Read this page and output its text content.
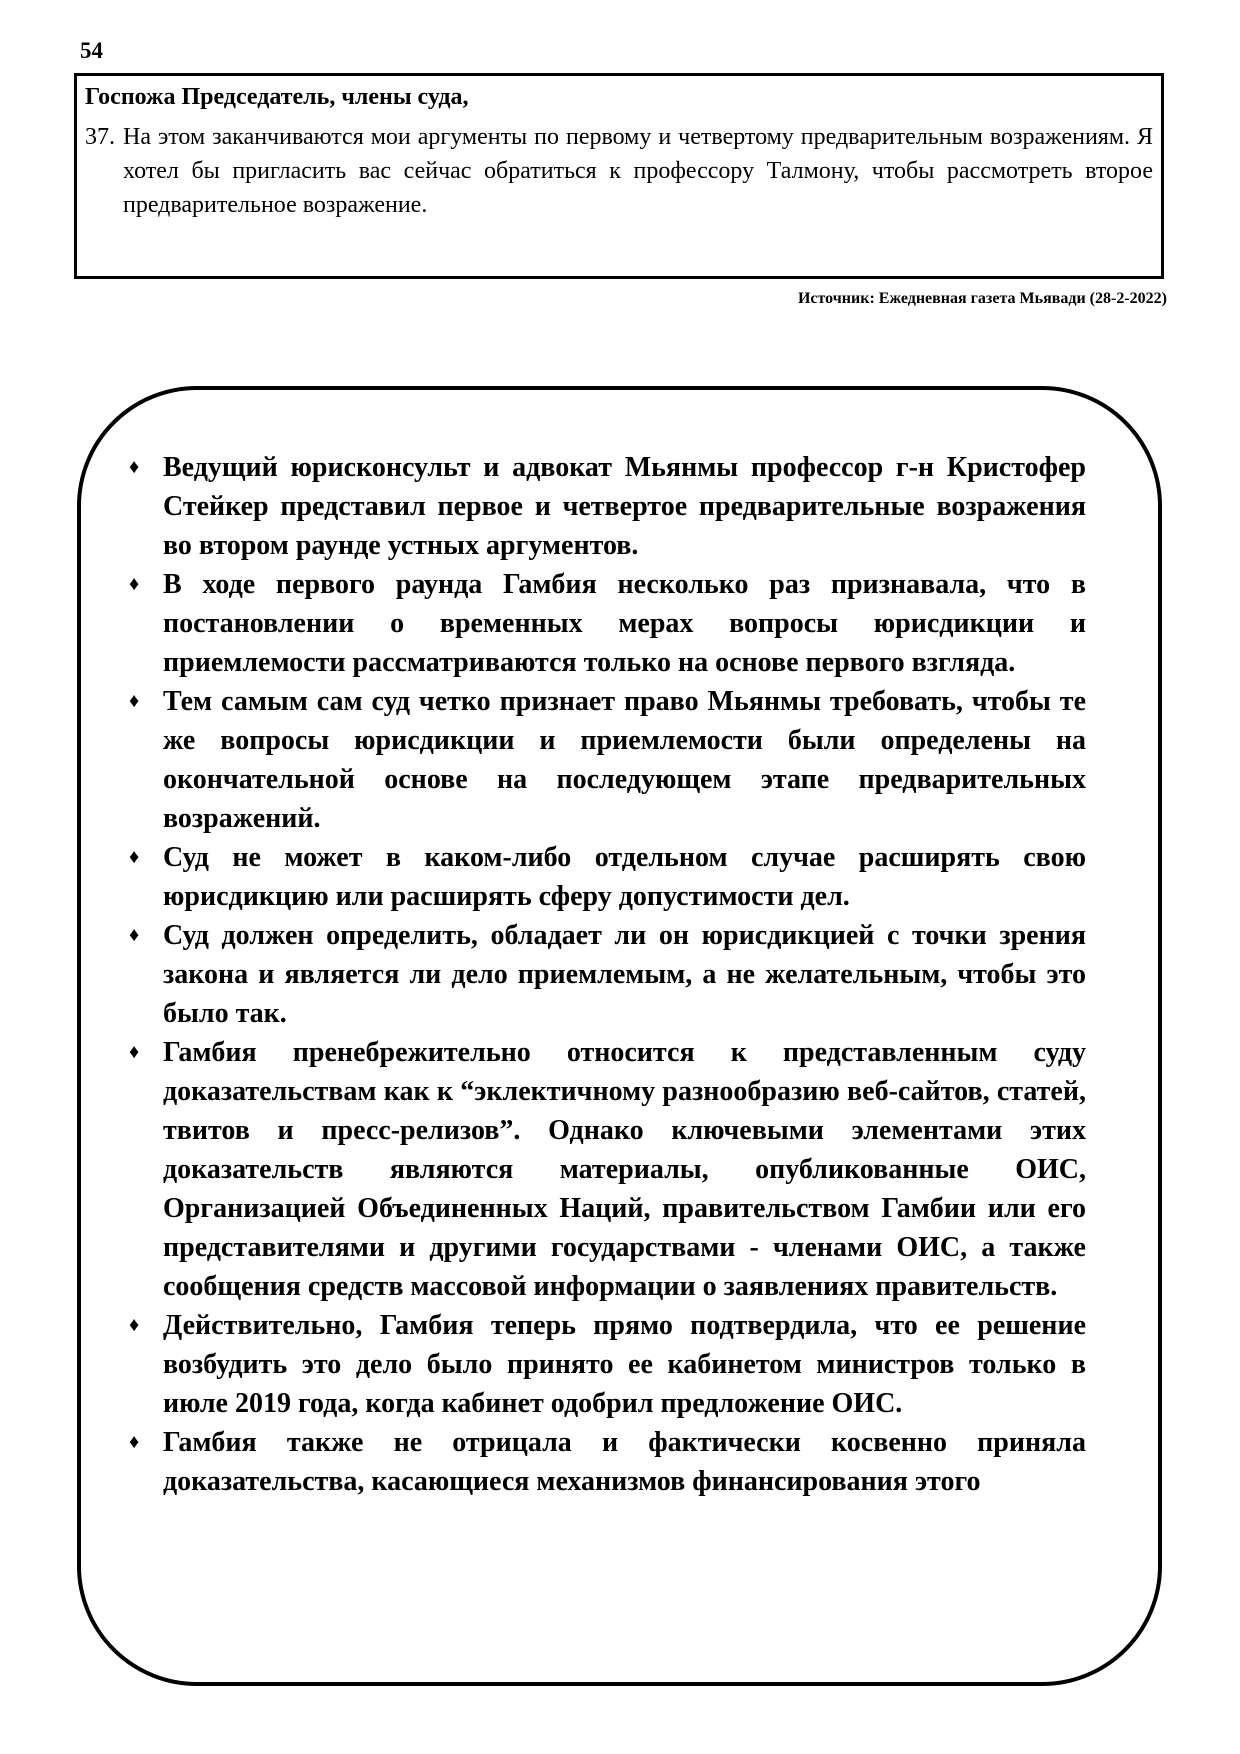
54
Госпожа Председатель, члены суда,
37. На этом заканчиваются мои аргументы по первому и четвертому предварительным возражениям. Я хотел бы пригласить вас сейчас обратиться к профессору Талмону, чтобы рассмотреть второе предварительное возражение.
Источник: Ежедневная газета Мьявади (28-2-2022)
♦ Ведущий юрисконсульт и адвокат Мьянмы профессор г-н Кристофер Стейкер представил первое и четвертое предварительные возражения во втором раунде устных аргументов.
♦ В ходе первого раунда Гамбия несколько раз признавала, что в постановлении о временных мерах вопросы юрисдикции и приемлемости рассматриваются только на основе первого взгляда.
♦ Тем самым сам суд четко признает право Мьянмы требовать, чтобы те же вопросы юрисдикции и приемлемости были определены на окончательной основе на последующем этапе предварительных возражений.
♦ Суд не может в каком-либо отдельном случае расширять свою юрисдикцию или расширять сферу допустимости дел.
♦ Суд должен определить, обладает ли он юрисдикцией с точки зрения закона и является ли дело приемлемым, а не желательным, чтобы это было так.
♦ Гамбия пренебрежительно относится к представленным суду доказательствам как к “эклектичному разнообразию веб-сайтов, статей, твитов и пресс-релизов”. Однако ключевыми элементами этих доказательств являются материалы, опубликованные ОИС, Организацией Объединенных Наций, правительством Гамбии или его представителями и другими государствами - членами ОИС, а также сообщения средств массовой информации о заявлениях правительств.
♦ Действительно, Гамбия теперь прямо подтвердила, что ее решение возбудить это дело было принято ее кабинетом министров только в июле 2019 года, когда кабинет одобрил предложение ОИС.
♦ Гамбия также не отрицала и фактически косвенно приняла доказательства, касающиеся механизмов финансирования этого
